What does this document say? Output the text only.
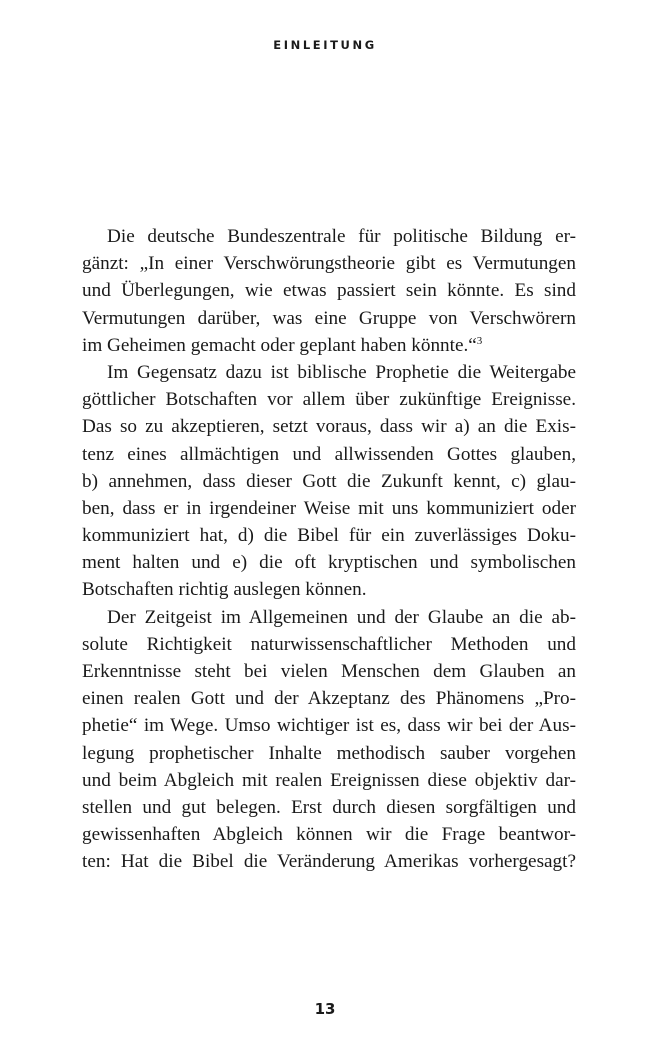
EINLEITUNG
Die deutsche Bundeszentrale für politische Bildung er-
gänzt: „In einer Verschwörungstheorie gibt es Vermutungen
und Überlegungen, wie etwas passiert sein könnte. Es sind
Vermutungen darüber, was eine Gruppe von Verschwörern
im Geheimen gemacht oder geplant haben könnte.“$^3$
Im Gegensatz dazu ist biblische Prophetie die Weitergabe
göttlicher Botschaften vor allem über zukünftige Ereignisse.
Das so zu akzeptieren, setzt voraus, dass wir a) an die Exis-
tenz eines allmächtigen und allwissenden Gottes glauben,
b) annehmen, dass dieser Gott die Zukunft kennt, c) glau-
ben, dass er in irgendeiner Weise mit uns kommuniziert oder
kommuniziert hat, d) die Bibel für ein zuverlässiges Doku-
ment halten und e) die oft kryptischen und symbolischen
Botschaften richtig auslegen können.
Der Zeitgeist im Allgemeinen und der Glaube an die ab-
solute Richtigkeit naturwissenschaftlicher Methoden und
Erkenntnisse steht bei vielen Menschen dem Glauben an
einen realen Gott und der Akzeptanz des Phänomens „Pro-
phetie“ im Wege. Umso wichtiger ist es, dass wir bei der Aus-
legung prophetischer Inhalte methodisch sauber vorgehen
und beim Abgleich mit realen Ereignissen diese objektiv dar-
stellen und gut belegen. Erst durch diesen sorgfältigen und
gewissenhaften Abgleich können wir die Frage beantwor-
ten: Hat die Bibel die Veränderung Amerikas vorhergesagt?
13
